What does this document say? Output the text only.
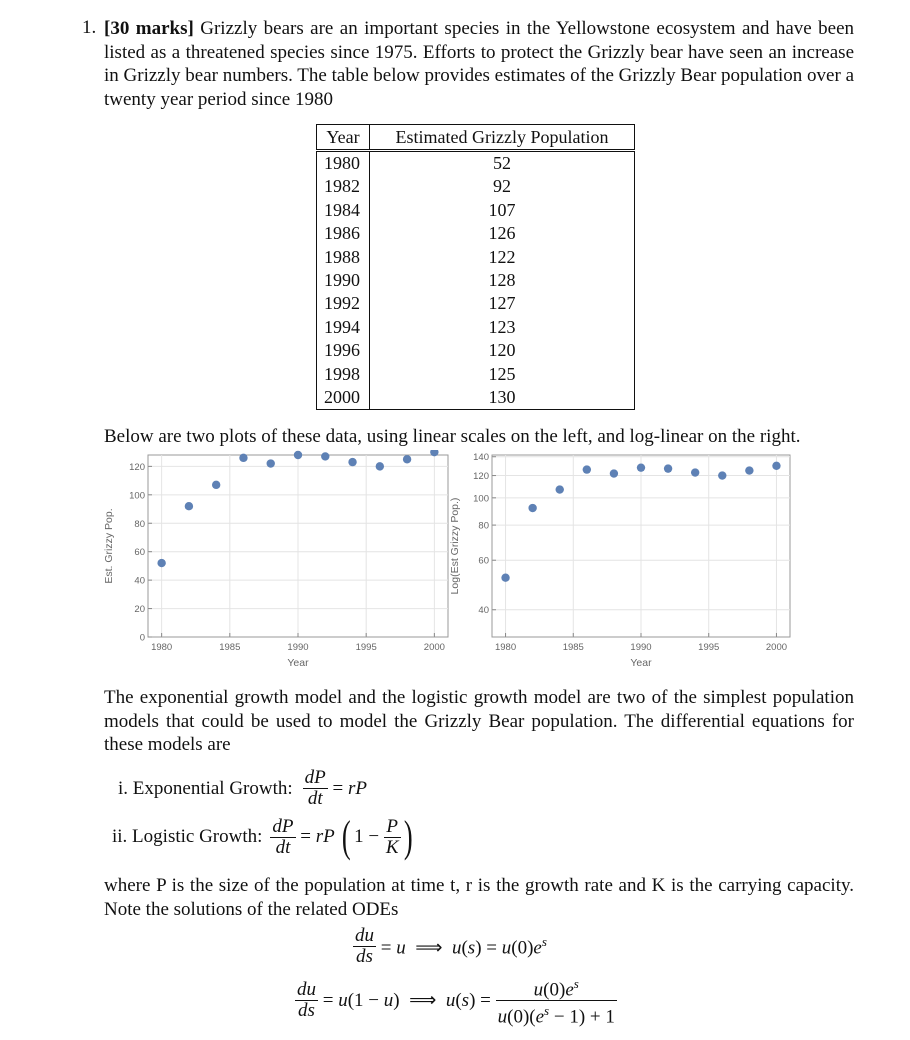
1. [30 marks] Grizzly bears are an important species in the Yellowstone ecosystem and have been listed as a threatened species since 1975. Efforts to protect the Grizzly bear have seen an increase in Grizzly bear numbers. The table below provides estimates of the Grizzly Bear population over a twenty year period since 1980
Year	Estimated Grizzly Population
1980	52
1982	92
1984	107
1986	126
1988	122
1990	128
1992	127
1994	123
1996	120
1998	125
2000	130
Below are two plots of these data, using linear scales on the left, and log-linear on the right.
0
20
40
60
80
100
120
1980	1985	1990	1995	2000
Year
Est. Grizzy Pop.
40
60
80
100
120
140
1980	1985	1990	1995	2000
Year
Log(Est Grizzy Pop.)
The exponential growth model and the logistic growth model are two of the simplest population models that could be used to model the Grizzly Bear population. The differential equations for these models are
i. Exponential Growth: $\frac{dP}{dt}$ = rP
ii. Logistic Growth: $\frac{dP}{dt}$ = rP ( $1 - \frac{P}{K}$ )
where P is the size of the population at time t, r is the growth rate and K is the carrying capacity. Note the solutions of the related ODEs
$\frac{du}{ds} = u$  ⟹  $u(s) = u(0)e^s$
$\frac{du}{ds} = u(1 - u)$  ⟹  $u(s) = \frac{u(0)e^s}{u(0)(e^s - 1) + 1}$
